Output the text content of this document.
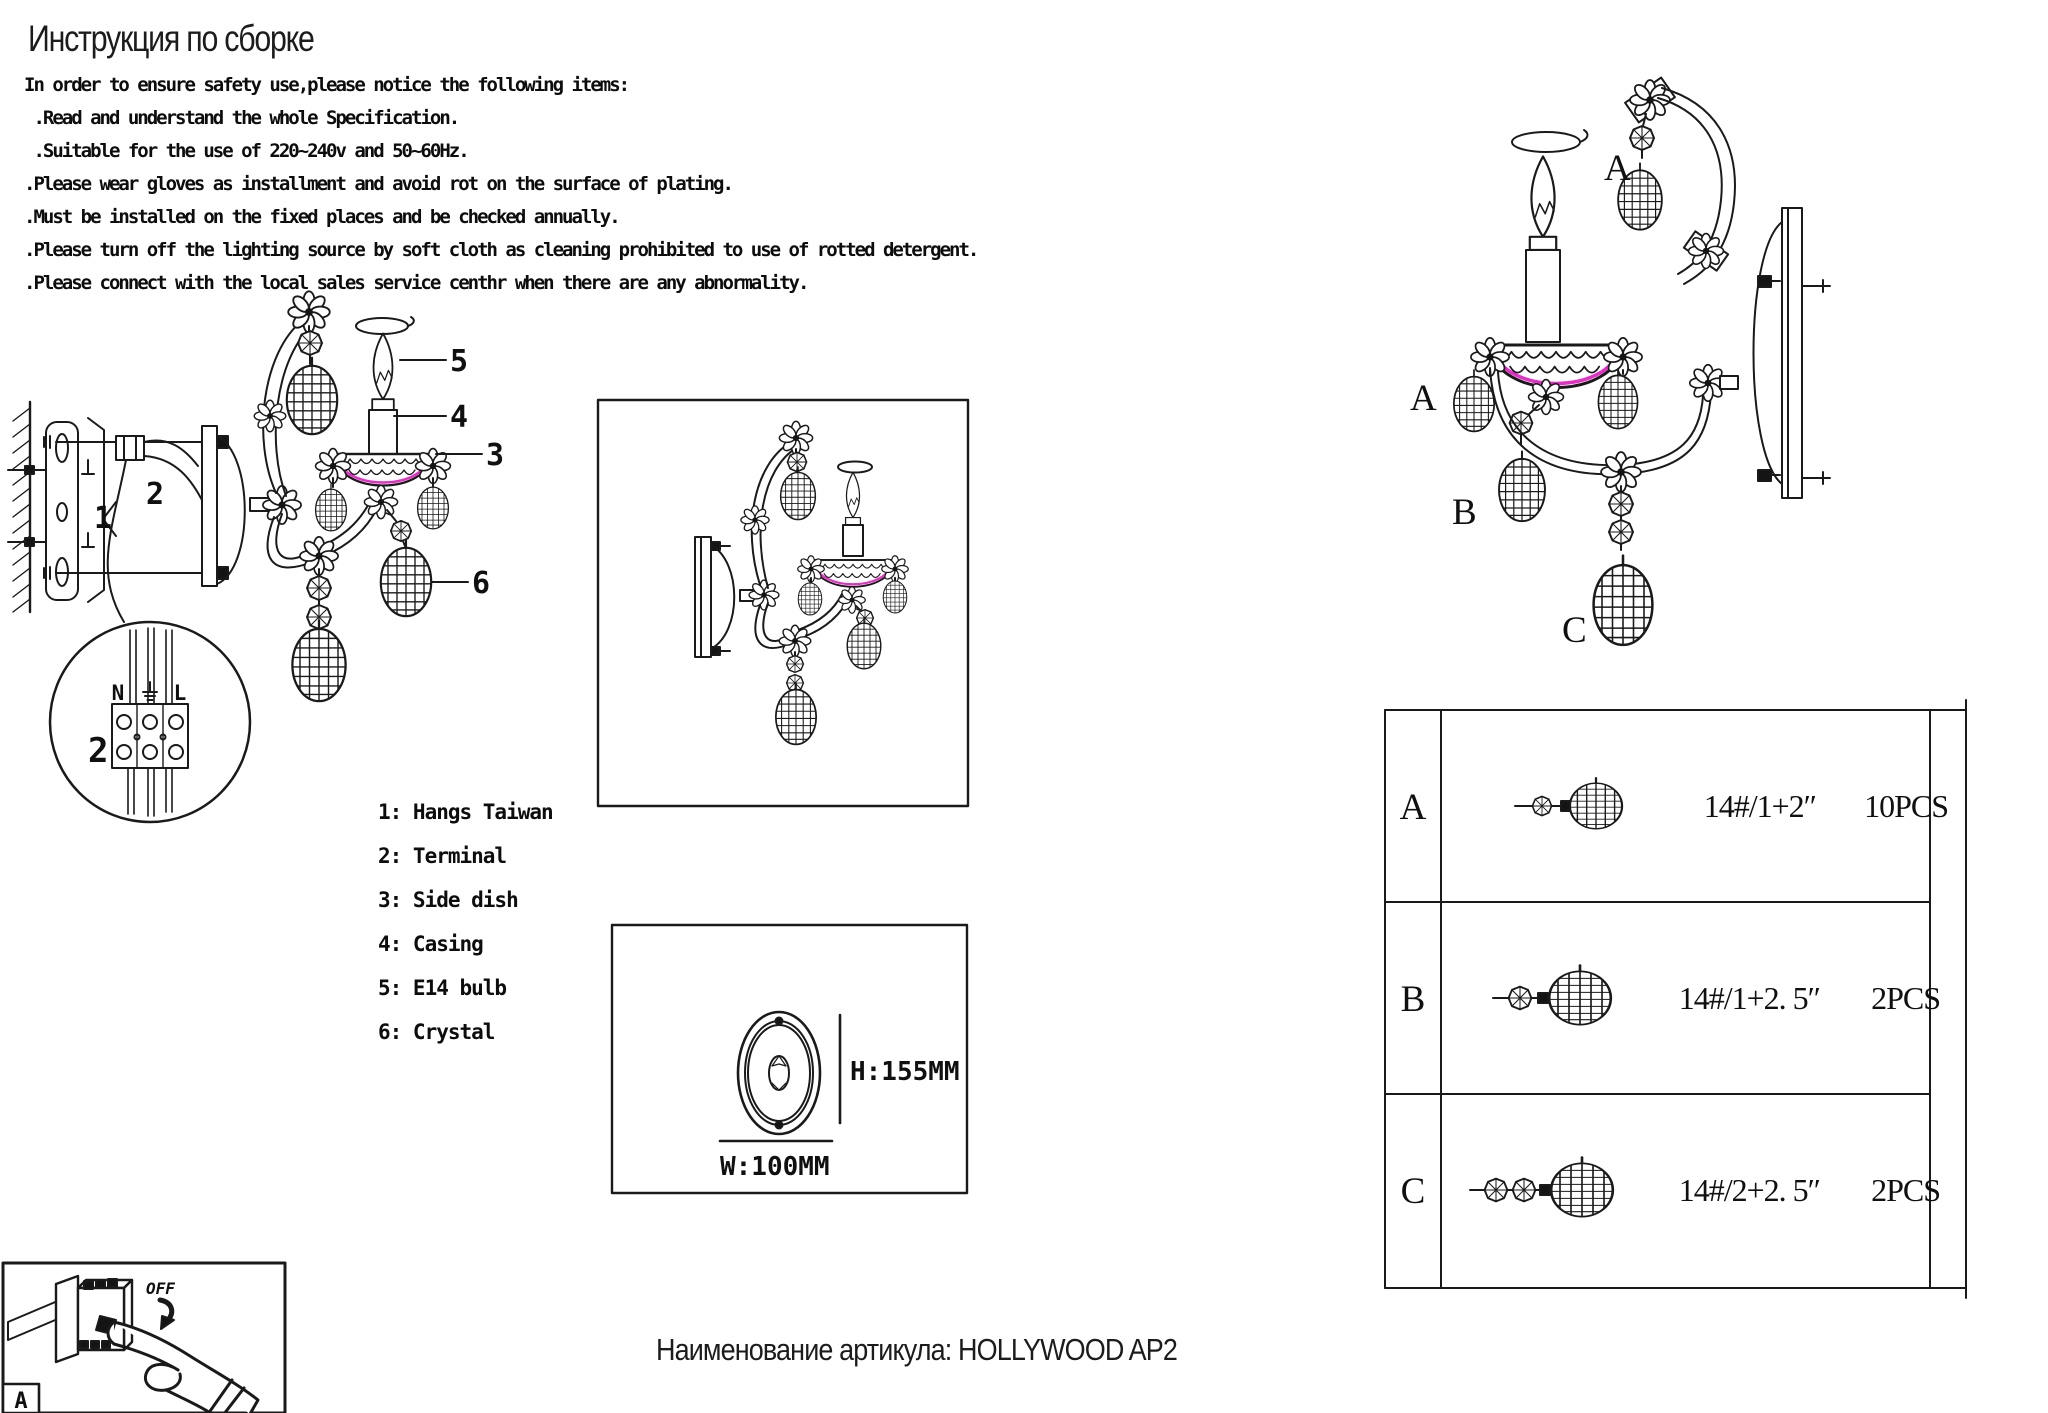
Инструкция по сборке
In order to ensure safety use,please notice the following items:
.Read and understand the whole Specification.
.Suitable for the use of 220~240v and 50~60Hz.
.Please wear gloves as installment and avoid rot on the surface of plating.
.Must be installed on the fixed places and be checked annually.
.Please turn off the lighting source by soft cloth as cleaning prohibited to use of rotted detergent.
.Please connect with the local sales service centhr when there are any abnormality.
1
2
5
4
3
6
2
N L
1: Hangs Taiwan
2: Terminal
3: Side dish
4: Casing
5: E14 bulb
6: Crystal
H:155MM
W:100MM
A
A
B
C
A
B
C
14#/1+2″
14#/1+2. 5″
14#/2+2. 5″
10PCS
2PCS
2PCS
OFF
A
Наименование артикула: HOLLYWOOD AP2
